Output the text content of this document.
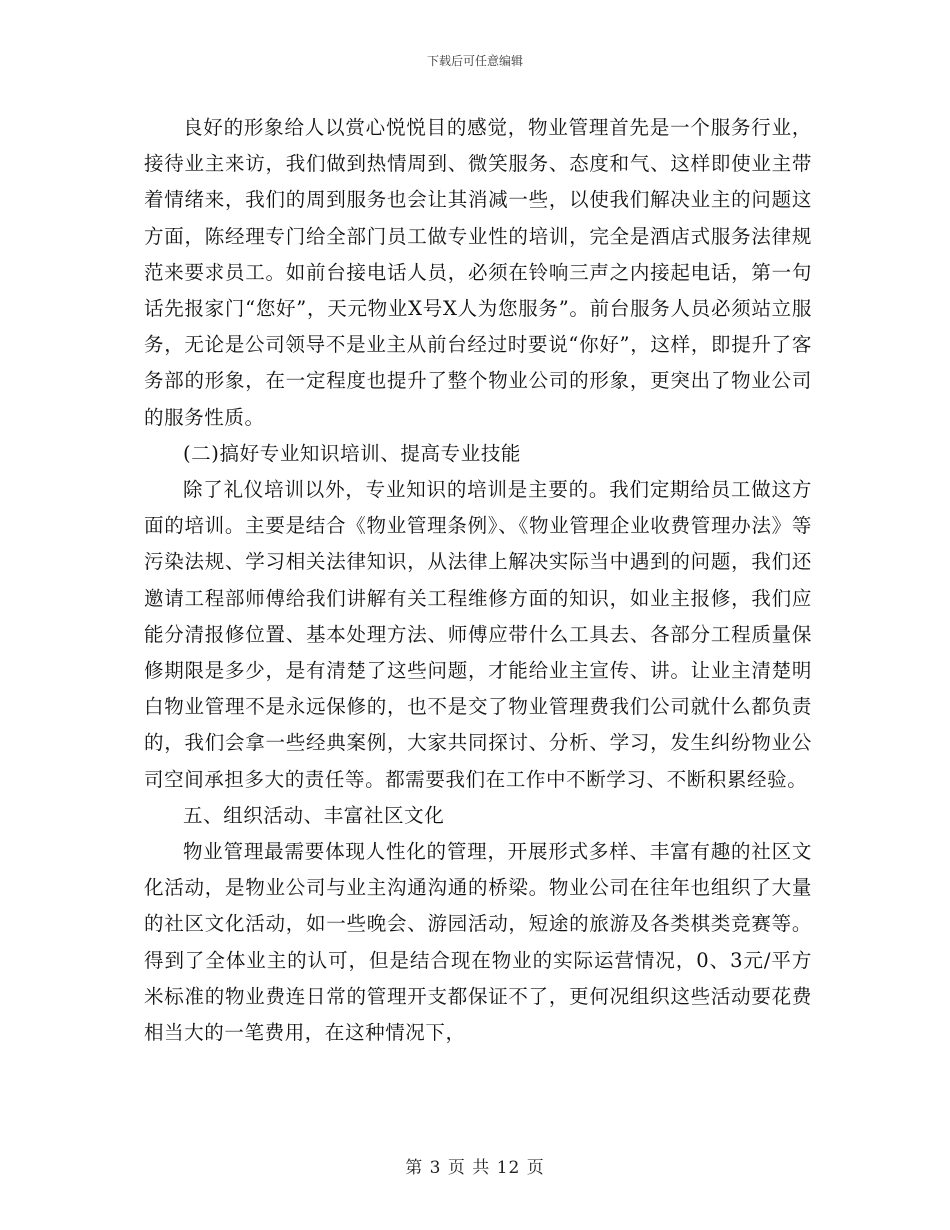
下载后可任意编辑

良好的形象给人以赏心悦悦目的感觉，物业管理首先是一个服务行业，接待业主来访，我们做到热情周到、微笑服务、态度和气、这样即使业主带着情绪来，我们的周到服务也会让其消减一些，以使我们解决业主的问题这方面，陈经理专门给全部门员工做专业性的培训，完全是酒店式服务法律规范来要求员工。如前台接电话人员，必须在铃响三声之内接起电话，第一句话先报家门“您好”，天元物业X号X人为您服务”。前台服务人员必须站立服务，无论是公司领导不是业主从前台经过时要说“你好”，这样，即提升了客务部的形象，在一定程度也提升了整个物业公司的形象，更突出了物业公司的服务性质。

(二)搞好专业知识培训、提高专业技能

除了礼仪培训以外，专业知识的培训是主要的。我们定期给员工做这方面的培训。主要是结合《物业管理条例》、《物业管理企业收费管理办法》等污染法规、学习相关法律知识，从法律上解决实际当中遇到的问题，我们还邀请工程部师傅给我们讲解有关工程维修方面的知识，如业主报修，我们应能分清报修位置、基本处理方法、师傅应带什么工具去、各部分工程质量保修期限是多少，是有清楚了这些问题，才能给业主宣传、讲。让业主清楚明白物业管理不是永远保修的，也不是交了物业管理费我们公司就什么都负责的，我们会拿一些经典案例，大家共同探讨、分析、学习，发生纠纷物业公司空间承担多大的责任等。都需要我们在工作中不断学习、不断积累经验。

五、组织活动、丰富社区文化

物业管理最需要体现人性化的管理，开展形式多样、丰富有趣的社区文化活动，是物业公司与业主沟通沟通的桥梁。物业公司在往年也组织了大量的社区文化活动，如一些晚会、游园活动，短途的旅游及各类棋类竞赛等。得到了全体业主的认可，但是结合现在物业的实际运营情况，0、3元/平方米标准的物业费连日常的管理开支都保证不了，更何况组织这些活动要花费相当大的一笔费用，在这种情况下，

第 3 页 共 12 页
